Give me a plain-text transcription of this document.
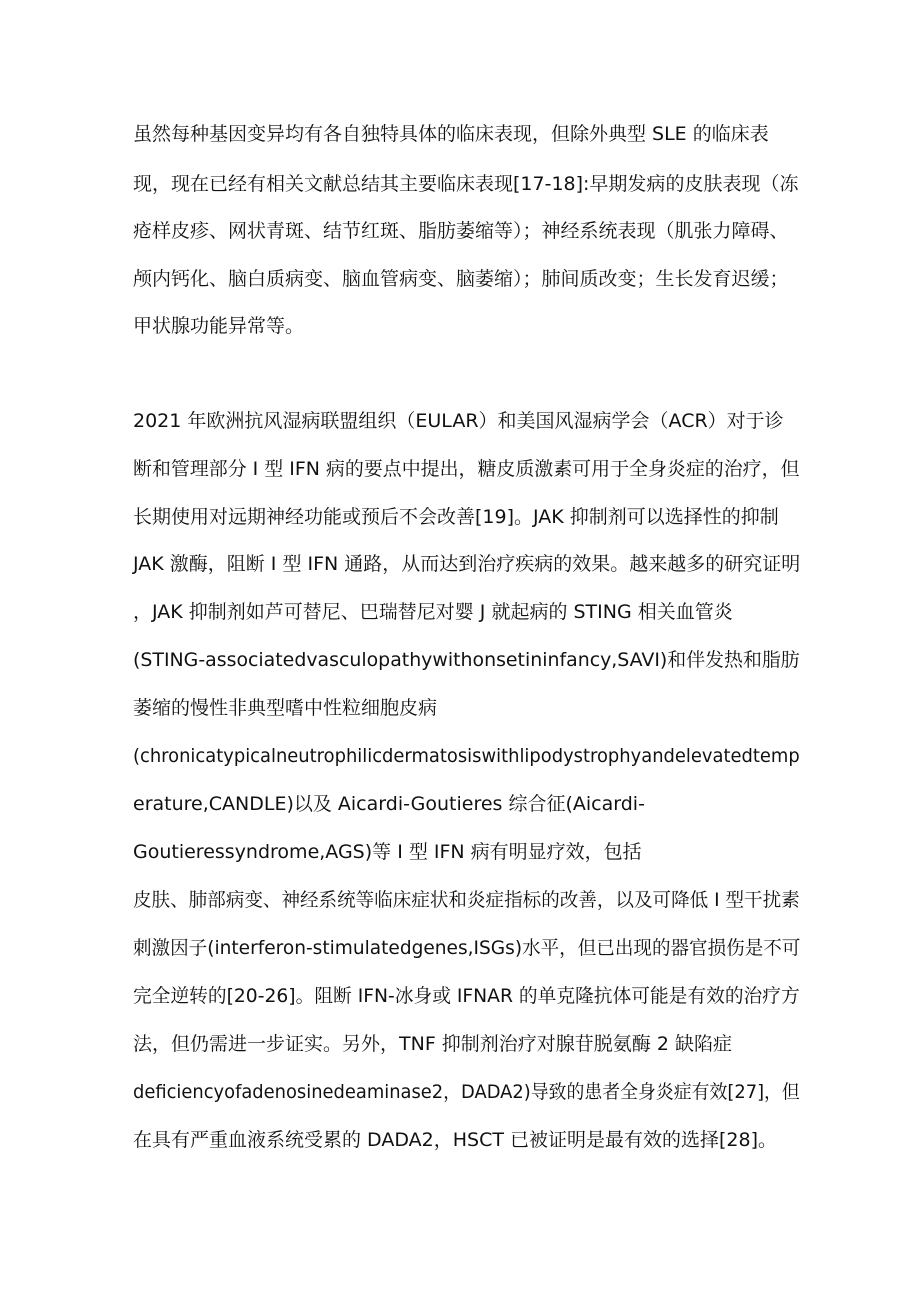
虽然每种基因变异均有各自独特具体的临床表现，但除外典型 SLE 的临床表
现，现在已经有相关文献总结其主要临床表现[17-18]:早期发病的皮肤表现（冻
疮样皮疹、网状青斑、结节红斑、脂肪萎缩等）；神经系统表现（肌张力障碍、
颅内钙化、脑白质病变、脑血管病变、脑萎缩）；肺间质改变；生长发育迟缓；
甲状腺功能异常等。
2021 年欧洲抗风湿病联盟组织（EULAR）和美国风湿病学会（ACR）对于诊
断和管理部分 I 型 IFN 病的要点中提出，糖皮质激素可用于全身炎症的治疗，但
长期使用对远期神经功能或预后不会改善[19]。JAK 抑制剂可以选择性的抑制
JAK 激酶，阻断 I 型 IFN 通路，从而达到治疗疾病的效果。越来越多的研究证明
，JAK 抑制剂如芦可替尼、巴瑞替尼对婴 J 就起病的 STING 相关血管炎
(STING-associatedvasculopathywithonsetininfancy,SAVI)和伴发热和脂肪
萎缩的慢性非典型嗜中性粒细胞皮病
(chronicatypicalneutrophilicdermatosiswithlipodystrophyandelevatedtemp
erature,CANDLE)以及 Aicardi-Goutieres 综合征(Aicardi-
Goutieressyndrome,AGS)等 I 型 IFN 病有明显疗效，包括
皮肤、肺部病变、神经系统等临床症状和炎症指标的改善，以及可降低 I 型干扰素
刺激因子(interferon-stimulatedgenes,ISGs)水平，但已出现的器官损伤是不可
完全逆转的[20-26]。阻断 IFN-冰身或 IFNAR 的单克隆抗体可能是有效的治疗方
法，但仍需进一步证实。另外，TNF 抑制剂治疗对腺苷脱氨酶 2 缺陷症
deficiencyofadenosinedeaminase2，DADA2)导致的患者全身炎症有效[27]，但
在具有严重血液系统受累的 DADA2，HSCT 已被证明是最有效的选择[28]。
